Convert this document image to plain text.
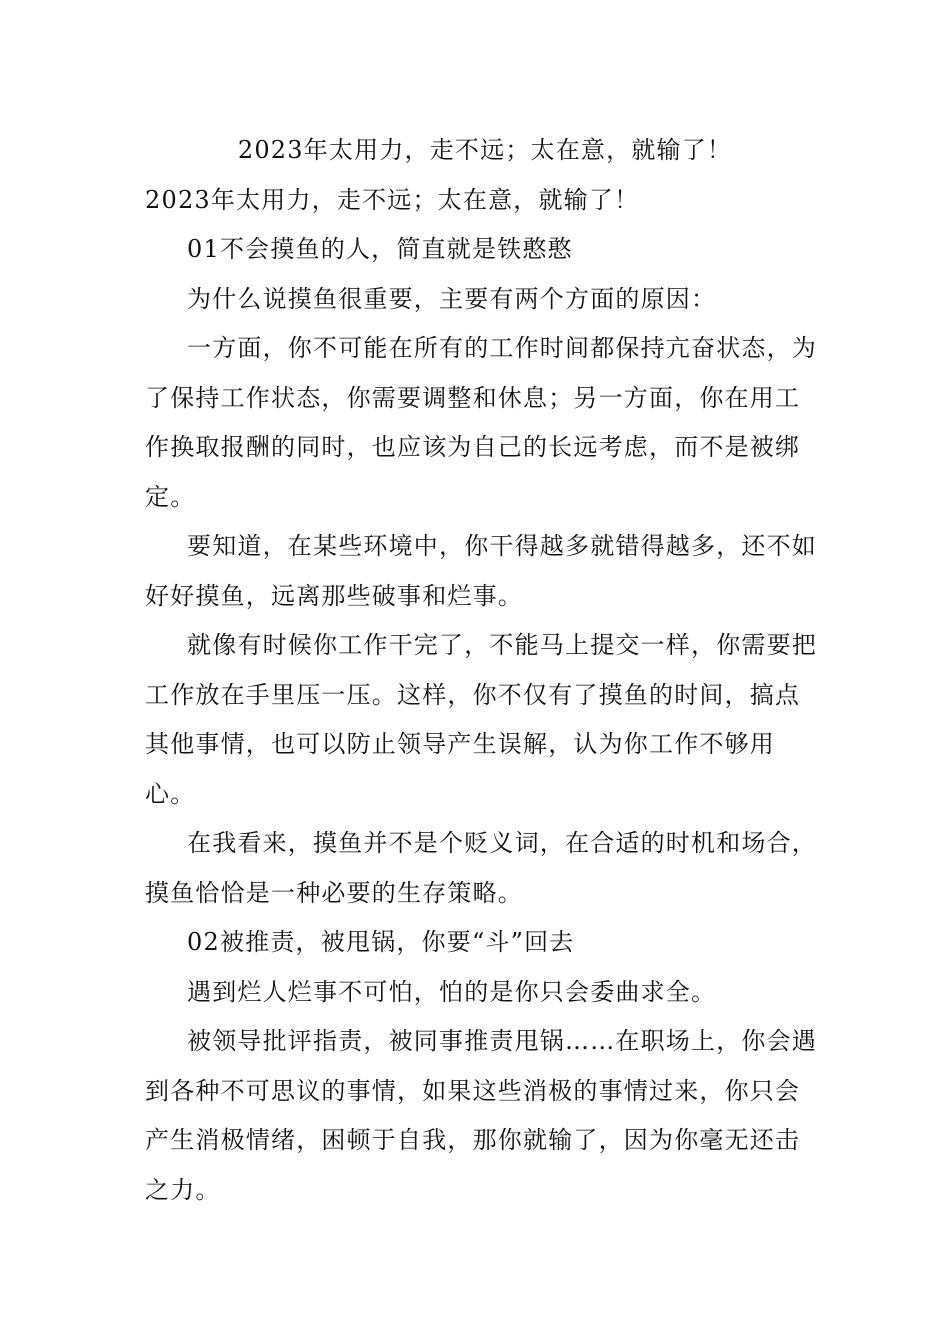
2023年太用力，走不远；太在意，就输了！

2023年太用力，走不远；太在意，就输了！

01不会摸鱼的人，简直就是铁憨憨

为什么说摸鱼很重要，主要有两个方面的原因：

一方面，你不可能在所有的工作时间都保持亢奋状态，为了保持工作状态，你需要调整和休息；另一方面，你在用工作换取报酬的同时，也应该为自己的长远考虑，而不是被绑定。

要知道，在某些环境中，你干得越多就错得越多，还不如好好摸鱼，远离那些破事和烂事。

就像有时候你工作干完了，不能马上提交一样，你需要把工作放在手里压一压。这样，你不仅有了摸鱼的时间，搞点其他事情，也可以防止领导产生误解，认为你工作不够用心。

在我看来，摸鱼并不是个贬义词，在合适的时机和场合，摸鱼恰恰是一种必要的生存策略。

02被推责，被甩锅，你要“斗”回去

遇到烂人烂事不可怕，怕的是你只会委曲求全。

被领导批评指责，被同事推责甩锅……在职场上，你会遇到各种不可思议的事情，如果这些消极的事情过来，你只会产生消极情绪，困顿于自我，那你就输了，因为你毫无还击之力。
